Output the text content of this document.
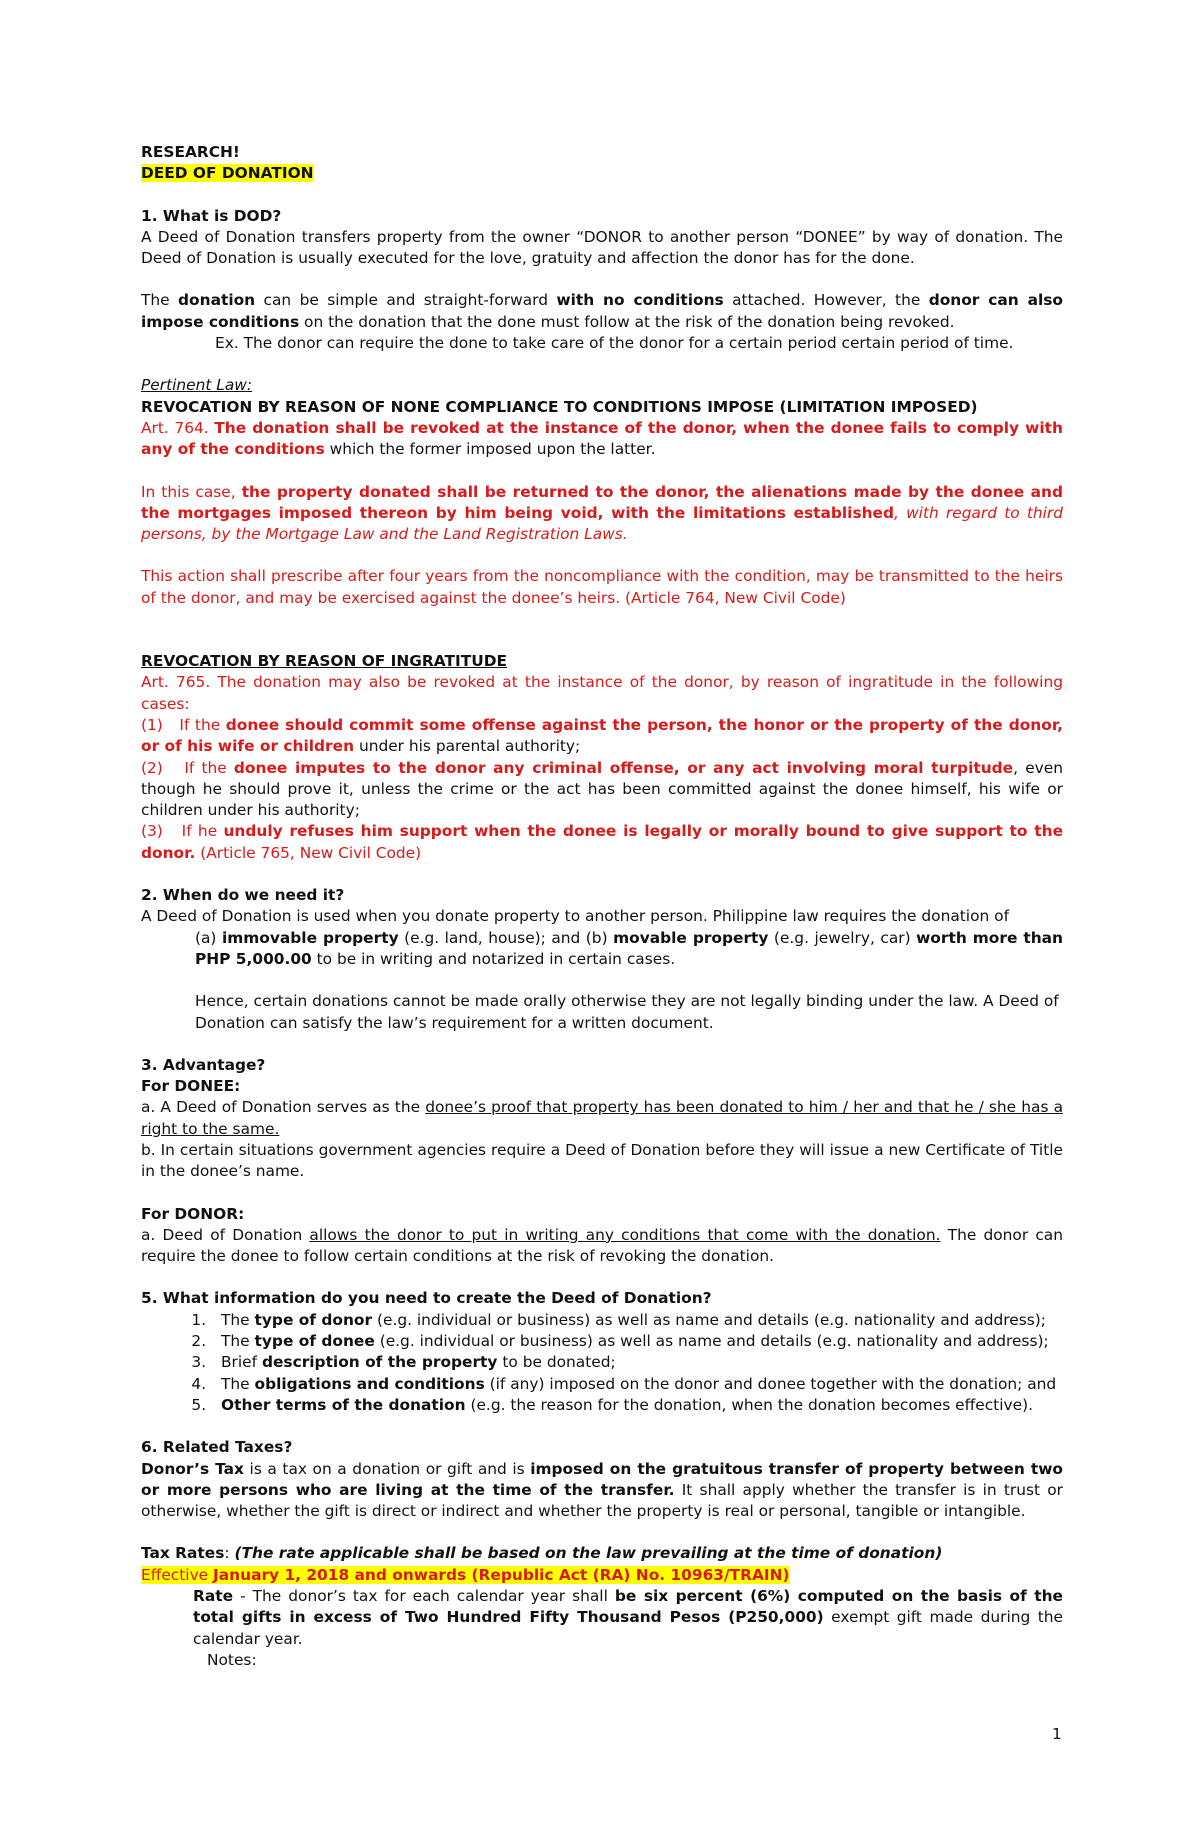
RESEARCH!

DEED OF DONATION

1. What is DOD?

A Deed of Donation transfers property from the owner “DONOR to another person “DONEE” by way of donation. The Deed of Donation is usually executed for the love, gratuity and affection the donor has for the done.

The donation can be simple and straight-forward with no conditions attached. However, the donor can also impose conditions on the donation that the done must follow at the risk of the donation being revoked.

Ex. The donor can require the done to take care of the donor for a certain period certain period of time.

Pertinent Law:

REVOCATION BY REASON OF NONE COMPLIANCE TO CONDITIONS IMPOSE (LIMITATION IMPOSED)

Art. 764. The donation shall be revoked at the instance of the donor, when the donee fails to comply with any of the conditions which the former imposed upon the latter.

In this case, the property donated shall be returned to the donor, the alienations made by the donee and the mortgages imposed thereon by him being void, with the limitations established, with regard to third persons, by the Mortgage Law and the Land Registration Laws.

This action shall prescribe after four years from the noncompliance with the condition, may be transmitted to the heirs of the donor, and may be exercised against the donee’s heirs. (Article 764, New Civil Code)

REVOCATION BY REASON OF INGRATITUDE

Art. 765. The donation may also be revoked at the instance of the donor, by reason of ingratitude in the following cases:

(1)   If the donee should commit some offense against the person, the honor or the property of the donor, or of his wife or children under his parental authority;

(2)   If the donee imputes to the donor any criminal offense, or any act involving moral turpitude, even though he should prove it, unless the crime or the act has been committed against the donee himself, his wife or children under his authority;

(3)   If he unduly refuses him support when the donee is legally or morally bound to give support to the donor. (Article 765, New Civil Code)

2. When do we need it?

A Deed of Donation is used when you donate property to another person. Philippine law requires the donation of

(a) immovable property (e.g. land, house); and (b) movable property (e.g. jewelry, car) worth more than PHP 5,000.00 to be in writing and notarized in certain cases.

Hence, certain donations cannot be made orally otherwise they are not legally binding under the law. A Deed of Donation can satisfy the law’s requirement for a written document.

3. Advantage?

For DONEE:

a. A Deed of Donation serves as the donee’s proof that property has been donated to him / her and that he / she has a right to the same.

b. In certain situations government agencies require a Deed of Donation before they will issue a new Certificate of Title in the donee’s name.

For DONOR:

a. Deed of Donation allows the donor to put in writing any conditions that come with the donation. The donor can require the donee to follow certain conditions at the risk of revoking the donation.

5. What information do you need to create the Deed of Donation?

1. The type of donor (e.g. individual or business) as well as name and details (e.g. nationality and address);
2. The type of donee (e.g. individual or business) as well as name and details (e.g. nationality and address);
3. Brief description of the property to be donated;
4. The obligations and conditions (if any) imposed on the donor and donee together with the donation; and
5. Other terms of the donation (e.g. the reason for the donation, when the donation becomes effective).

6. Related Taxes?

Donor’s Tax is a tax on a donation or gift and is imposed on the gratuitous transfer of property between two or more persons who are living at the time of the transfer. It shall apply whether the transfer is in trust or otherwise, whether the gift is direct or indirect and whether the property is real or personal, tangible or intangible.

Tax Rates: (The rate applicable shall be based on the law prevailing at the time of donation)

Effective January 1, 2018 and onwards (Republic Act (RA) No. 10963/TRAIN)

Rate - The donor’s tax for each calendar year shall be six percent (6%) computed on the basis of the total gifts in excess of Two Hundred Fifty Thousand Pesos (P250,000) exempt gift made during the calendar year.

Notes:

1
